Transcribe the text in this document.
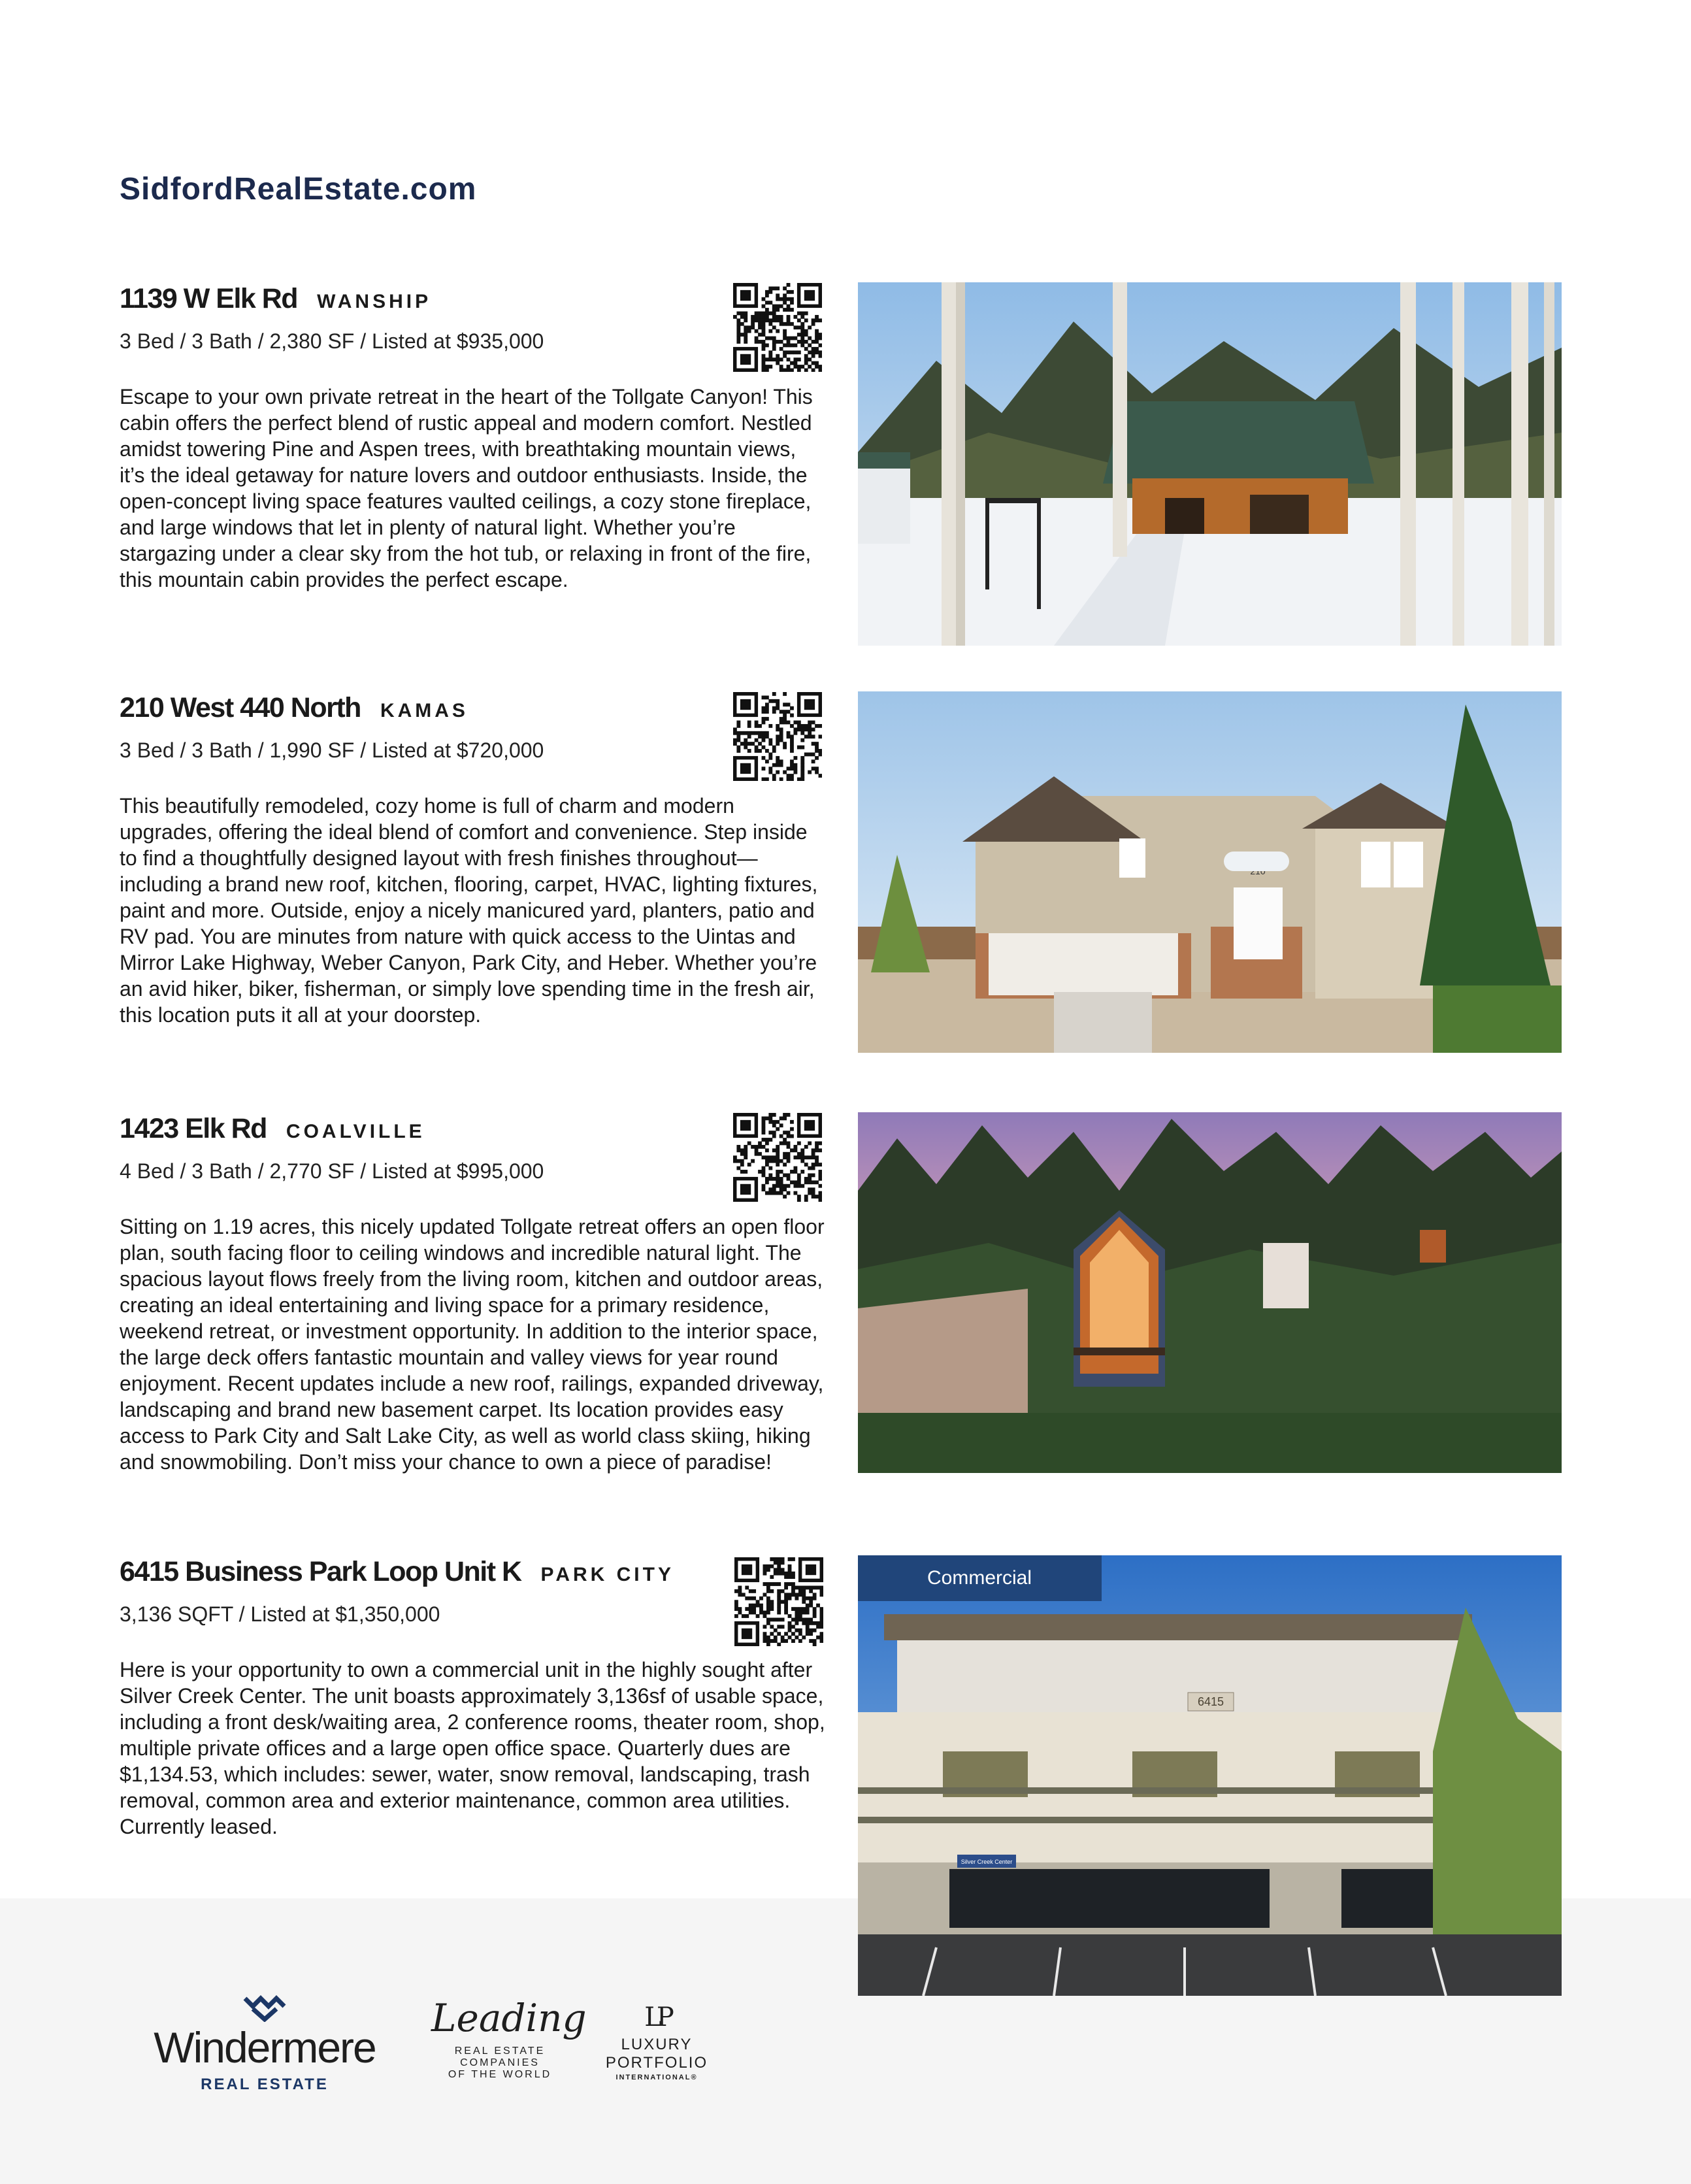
SidfordRealEstate.com
1139 W Elk Rd WANSHIP
3 Bed / 3 Bath / 2,380 SF / Listed at $935,000
Escape to your own private retreat in the heart of the Tollgate Canyon! This cabin offers the perfect blend of rustic appeal and modern comfort. Nestled amidst towering Pine and Aspen trees, with breathtaking mountain views, it’s the ideal getaway for nature lovers and outdoor enthusiasts. Inside, the open-concept living space features vaulted ceilings, a cozy stone fireplace, and large windows that let in plenty of natural light. Whether you’re stargazing under a clear sky from the hot tub, or relaxing in front of the fire, this mountain cabin provides the perfect escape.
210 West 440 North KAMAS
3 Bed / 3 Bath / 1,990 SF / Listed at $720,000
This beautifully remodeled, cozy home is full of charm and modern upgrades, offering the ideal blend of comfort and convenience. Step inside to find a thoughtfully designed layout with fresh finishes throughout—including a brand new roof, kitchen, flooring, carpet, HVAC, lighting fixtures, paint and more. Outside, enjoy a nicely manicured yard, planters, patio and RV pad. You are minutes from nature with quick access to the Uintas and Mirror Lake Highway, Weber Canyon, Park City, and Heber. Whether you’re an avid hiker, biker, fisherman, or simply love spending time in the fresh air, this location puts it all at your doorstep.
1423 Elk Rd COALVILLE
4 Bed / 3 Bath / 2,770 SF / Listed at $995,000
Sitting on 1.19 acres, this nicely updated Tollgate retreat offers an open floor plan, south facing floor to ceiling windows and incredible natural light. The spacious layout flows freely from the living room, kitchen and outdoor areas, creating an ideal entertaining and living space for a primary residence, weekend retreat, or investment opportunity. In addition to the interior space, the large deck offers fantastic mountain and valley views for year round enjoyment. Recent updates include a new roof, railings, expanded driveway, landscaping and brand new basement carpet. Its location provides easy access to Park City and Salt Lake City, as well as world class skiing, hiking and snowmobiling. Don’t miss your chance to own a piece of paradise!
6415 Business Park Loop Unit K PARK CITY
3,136 SQFT / Listed at $1,350,000
Here is your opportunity to own a commercial unit in the highly sought after Silver Creek Center. The unit boasts approximately 3,136sf of usable space, including a front desk/waiting area, 2 conference rooms, theater room, shop, multiple private offices and a large open office space. Quarterly dues are $1,134.53, which includes: sewer, water, snow removal, landscaping, trash removal, common area and exterior maintenance, common area utilities. Currently leased.
6415
Silver Creek Center
Commercial
Windermere
REAL ESTATE
Leading
REAL ESTATE
COMPANIES
OF THE WORLD
LP
LUXURY
PORTFOLIO
INTERNATIONAL®
